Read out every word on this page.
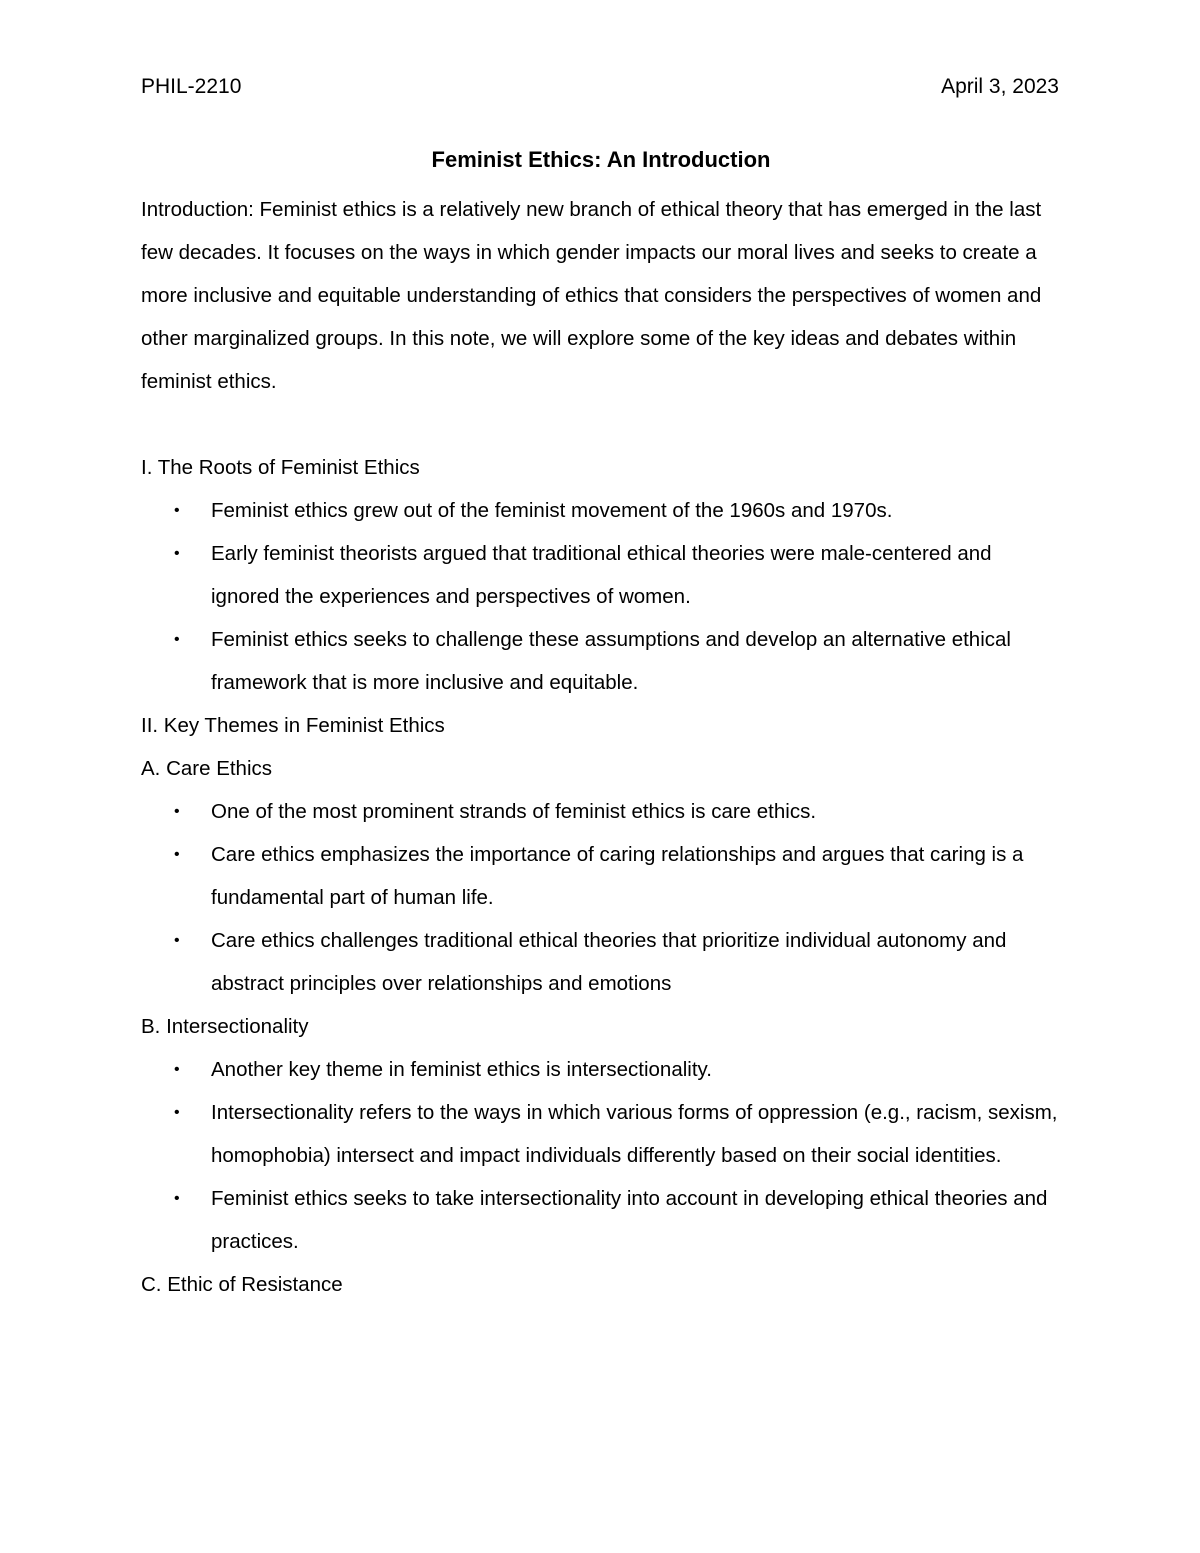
PHIL-2210	April 3, 2023
Feminist Ethics: An Introduction

Introduction: Feminist ethics is a relatively new branch of ethical theory that has emerged in the last few decades. It focuses on the ways in which gender impacts our moral lives and seeks to create a more inclusive and equitable understanding of ethics that considers the perspectives of women and other marginalized groups. In this note, we will explore some of the key ideas and debates within feminist ethics.

I. The Roots of Feminist Ethics

• Feminist ethics grew out of the feminist movement of the 1960s and 1970s.
• Early feminist theorists argued that traditional ethical theories were male-centered and ignored the experiences and perspectives of women.
• Feminist ethics seeks to challenge these assumptions and develop an alternative ethical framework that is more inclusive and equitable.

II. Key Themes in Feminist Ethics

A. Care Ethics

• One of the most prominent strands of feminist ethics is care ethics.
• Care ethics emphasizes the importance of caring relationships and argues that caring is a fundamental part of human life.
• Care ethics challenges traditional ethical theories that prioritize individual autonomy and abstract principles over relationships and emotions

B. Intersectionality

• Another key theme in feminist ethics is intersectionality.
• Intersectionality refers to the ways in which various forms of oppression (e.g., racism, sexism, homophobia) intersect and impact individuals differently based on their social identities.
• Feminist ethics seeks to take intersectionality into account in developing ethical theories and practices.

C. Ethic of Resistance
